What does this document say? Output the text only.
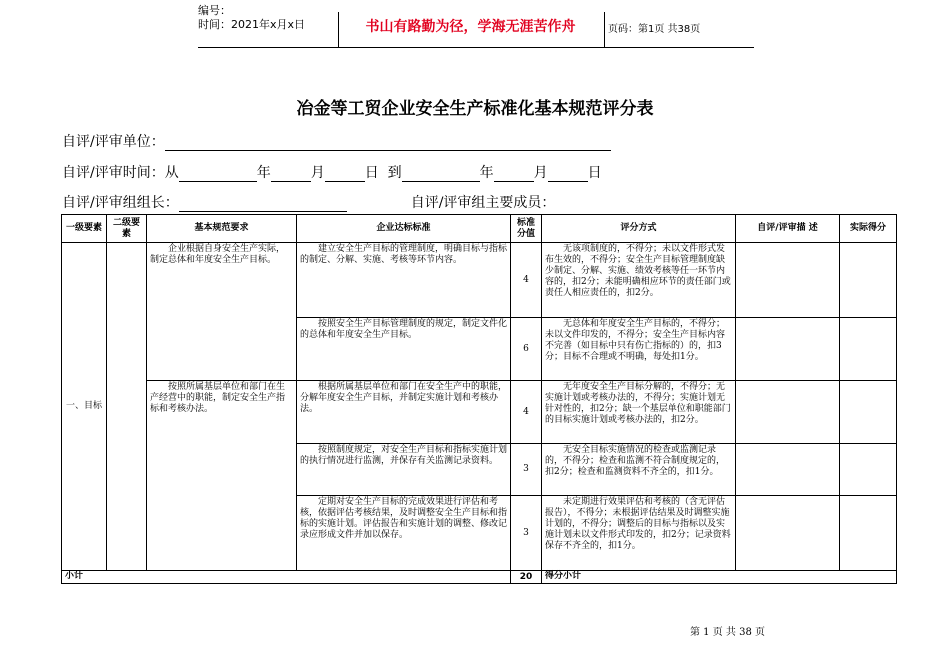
编号：
时间：2021年x月x日	书山有路勤为径，学海无涯苦作舟	页码：第1页 共38页
冶金等工贸企业安全生产标准化基本规范评分表
自评/评审单位：
自评/评审时间：从	年	月	日 到	年	月	日
自评/评审组组长：	自评/评审组主要成员：
一级要素	二级要素	基本规范要求	企业达标标准	标准分值	评分方式	自评/评审描 述	实际得分
一、目标		企业根据自身安全生产实际，制定总体和年度安全生产目标。	建立安全生产目标的管理制度，明确目标与指标的制定、分解、实施、考核等环节内容。	4	无该项制度的，不得分；未以文件形式发布生效的，不得分；安全生产目标管理制度缺少制定、分解、实施、绩效考核等任一环节内容的，扣2分；未能明确相应环节的责任部门或责任人相应责任的，扣2分。		
			按照安全生产目标管理制度的规定，制定文件化的总体和年度安全生产目标。	6	无总体和年度安全生产目标的，不得分；未以文件印发的，不得分；安全生产目标内容不完善（如目标中只有伤亡指标的）的，扣3分；目标不合理或不明确，每处扣1分。		
		按照所属基层单位和部门在生产经营中的职能，制定安全生产指标和考核办法。	根据所属基层单位和部门在安全生产中的职能，分解年度安全生产目标，并制定实施计划和考核办法。	4	无年度安全生产目标分解的，不得分；无实施计划或考核办法的，不得分；实施计划无针对性的，扣2分；缺一个基层单位和职能部门的目标实施计划或考核办法的，扣2分。		
			按照制度规定，对安全生产目标和指标实施计划的执行情况进行监测，并保存有关监测记录资料。	3	无安全目标实施情况的检查或监测记录的，不得分；检查和监测不符合制度规定的，扣2分；检查和监测资料不齐全的，扣1分。		
			定期对安全生产目标的完成效果进行评估和考核，依据评估考核结果，及时调整安全生产目标和指标的实施计划。评估报告和实施计划的调整、修改记录应形成文件并加以保存。	3	未定期进行效果评估和考核的（含无评估报告），不得分；未根据评估结果及时调整实施计划的，不得分；调整后的目标与指标以及实施计划未以文件形式印发的，扣2分；记录资料保存不齐全的，扣1分。		
小计				20	得分小计		
第 1 页 共 38 页
